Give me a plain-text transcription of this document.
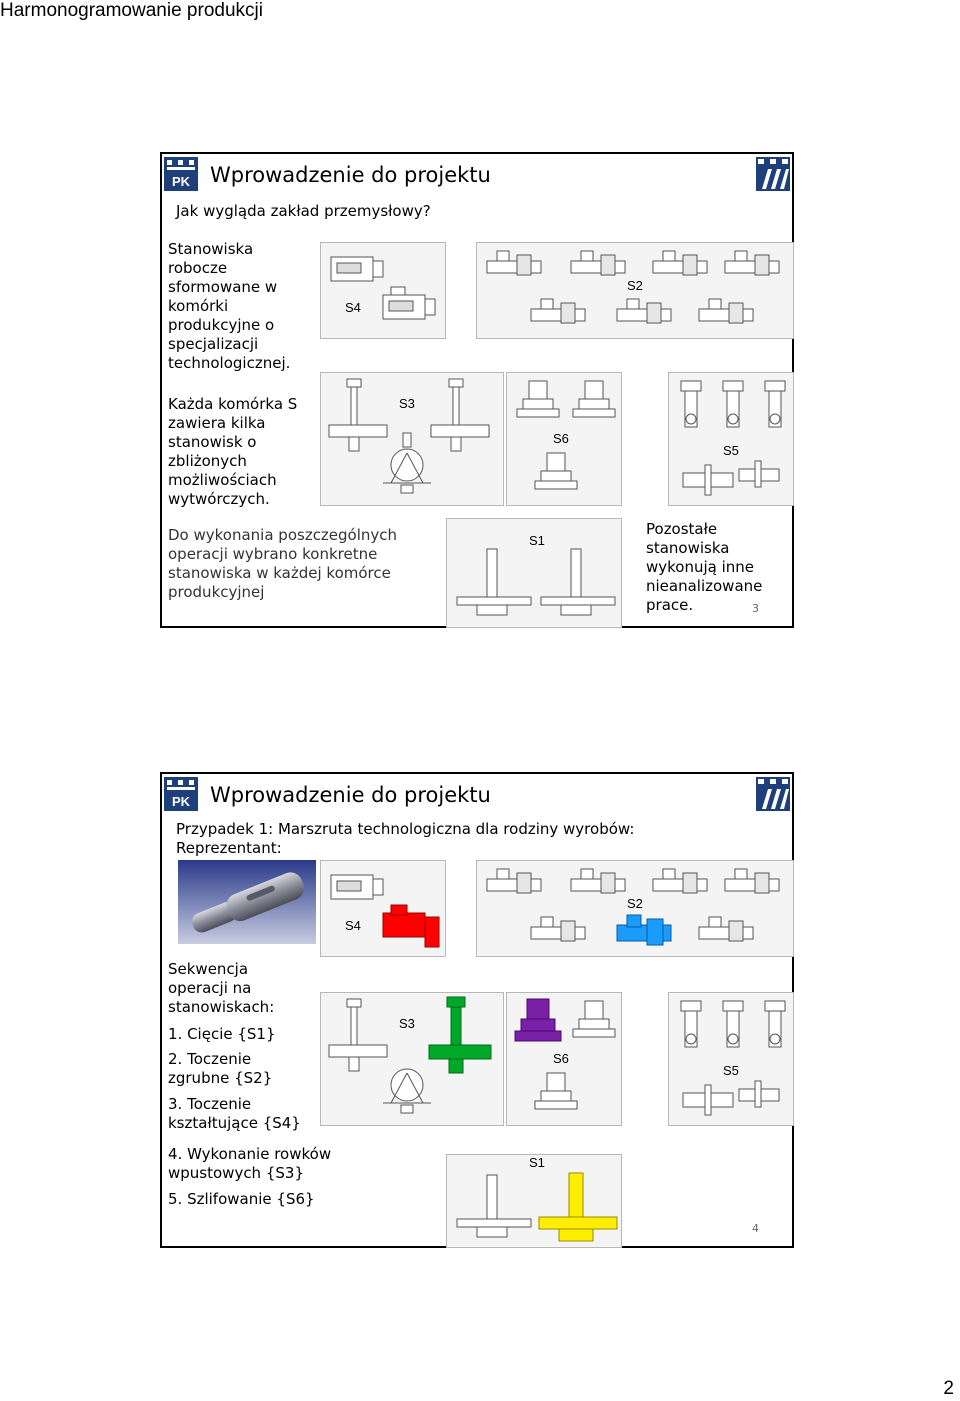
Harmonogramowanie produkcji
PK Wprowadzenie do projektu
Jak wygląda zakład przemysłowy?
Stanowiska
robocze
sformowane w
komórki
produkcyjne o
specjalizacji
technologicznej.
Każda komórka S
zawiera kilka
stanowisk o
zbliżonych
możliwościach
wytwórczych.
Do wykonania poszczególnych
operacji wybrano konkretne
stanowiska w każdej komórce
produkcyjnej
Pozostałe
stanowiska
wykonują inne
nieanalizowane
prace.	3
S4
S2
S3
S6
S5
S1
PK Wprowadzenie do projektu
Przypadek 1: Marszruta technologiczna dla rodziny wyrobów:
Reprezentant:
Sekwencja
operacji na
stanowiskach:
1. Cięcie {S1}
2. Toczenie
zgrubne {S2}
3. Toczenie
kształtujące {S4}
4. Wykonanie rowków
wpustowych {S3}
5. Szlifowanie {S6}
4
S4
S2
S3
S6
S5
S1
2
